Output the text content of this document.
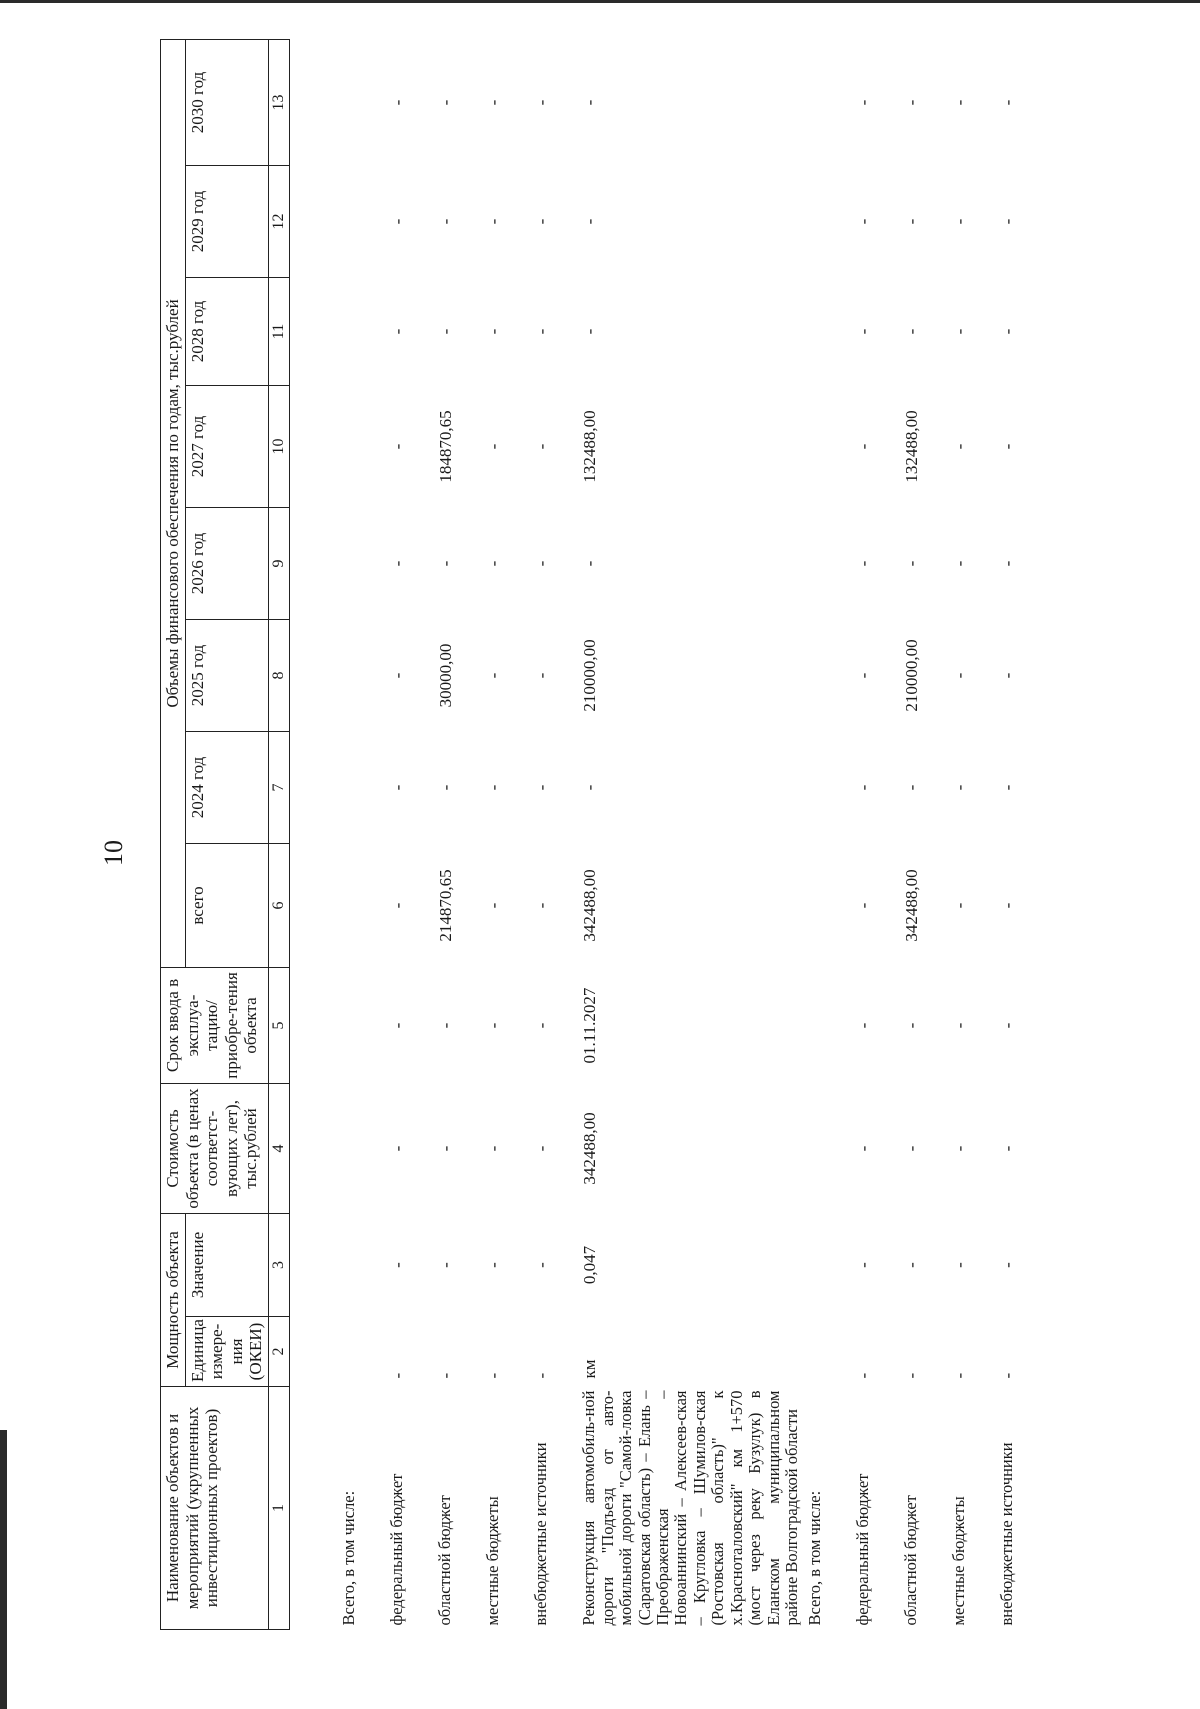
10
Наименование объектов и мероприятий (укрупненных инвестиционных проектов)	Мощность объекта		Стоимость объекта (в ценах соответст-вующих лет), тыс.рублей	Срок ввода в эксплуа-тацию/ приобре-тения объекта	Объемы финансового обеспечения по годам, тыс.рублей							
	Единица измере-ния (ОКЕИ)	Значение			всего	2024 год	2025 год	2026 год	2027 год	2028 год	2029 год	2030 год
1	2	3	4	5	6	7	8	9	10	11	12	13

Всего, в том числе:												
федеральный бюджет	-	-	-	-	-	-	-	-	-	-	-	-
областной бюджет	-	-	-	-	214870,65	-	30000,00	-	184870,65	-	-	-
местные бюджеты	-	-	-	-	-	-	-	-	-	-	-	-
внебюджетные источники	-	-	-	-	-	-	-	-	-	-	-	-
Реконструкция автомобиль-ной дороги "Подъезд от авто-мобильной дороги "Самой-ловка (Саратовская область) – Елань – Преображенская – Новоаннинский – Алексеев-ская – Кругловка – Шумилов-ская (Ростовская область)" к х.Красноталовский" км 1+570 (мост через реку Бузулук) в Еланском муниципальном районе Волгоградской области	км	0,047	342488,00	01.11.2027	342488,00	-	210000,00	-	132488,00	-	-	-
Всего, в том числе:												
федеральный бюджет	-	-	-	-	-	-	-	-	-	-	-	-
областной бюджет	-	-	-	-	342488,00	-	210000,00	-	132488,00	-	-	-
местные бюджеты	-	-	-	-	-	-	-	-	-	-	-	-
внебюджетные источники	-	-	-	-	-	-	-	-	-	-	-	-
